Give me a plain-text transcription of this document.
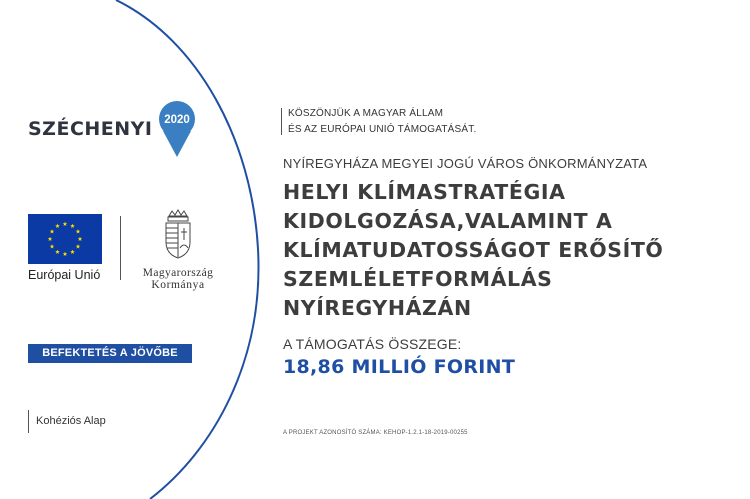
SZÉCHENYI 2020
Európai Unió	Magyarország
Kormánya
BEFEKTETÉS A JÖVŐBE
Kohéziós Alap
KÖSZÖNJÜK A MAGYAR ÁLLAM
ÉS AZ EURÓPAI UNIÓ TÁMOGATÁSÁT.
NYÍREGYHÁZA MEGYEI JOGÚ VÁROS ÖNKORMÁNYZATA
HELYI KLÍMASTRATÉGIA
KIDOLGOZÁSA,VALAMINT A
KLÍMATUDATOSSÁGOT ERŐSÍTŐ
SZEMLÉLETFORMÁLÁS
NYÍREGYHÁZÁN
A TÁMOGATÁS ÖSSZEGE:
18,86 MILLIÓ FORINT
A PROJEKT AZONOSÍTÓ SZÁMA: KEHOP-1.2.1-18-2019-00255
